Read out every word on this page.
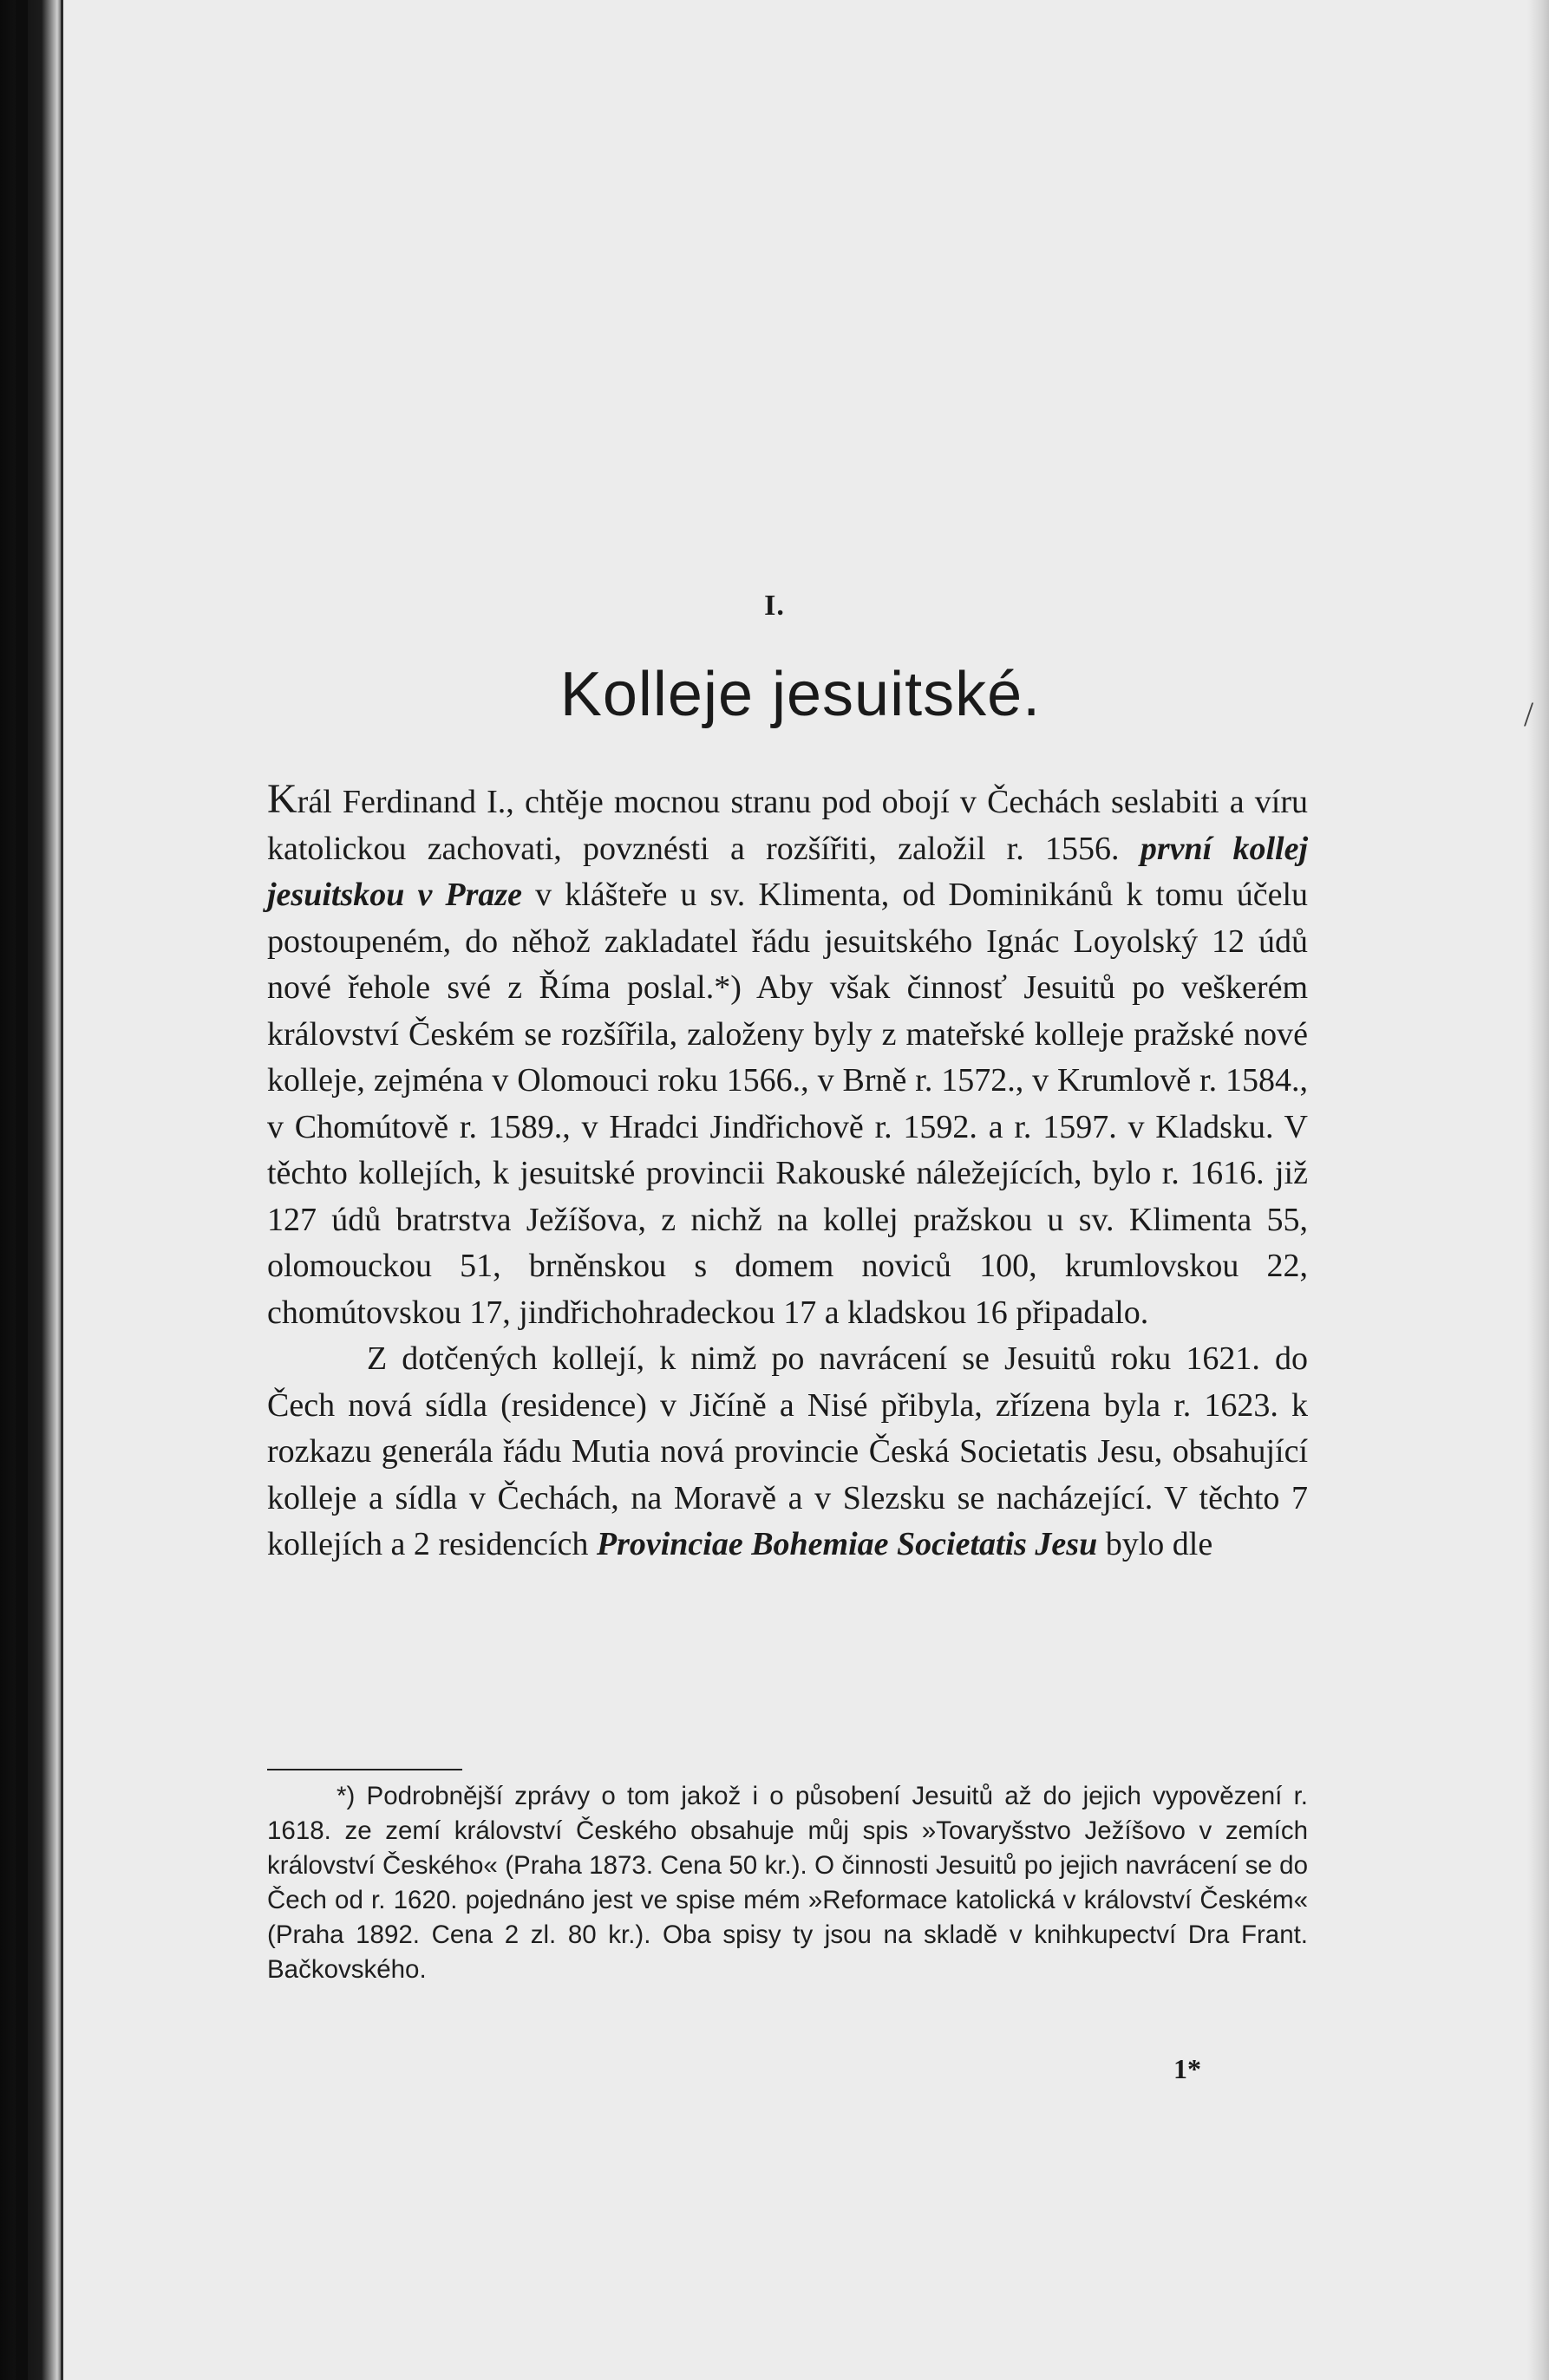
I.
Kolleje jesuitské.	/

Král Ferdinand I., chtěje mocnou stranu pod obojí v Čechách seslabiti a víru katolickou zachovati, povznésti a rozšířiti, založil r. 1556. první kollej jesuitskou v Praze v klášteře u sv. Klimenta, od Dominikánů k tomu účelu postoupeném, do něhož zakladatel řádu jesuitského Ignác Loyolský 12 údů nové řehole své z Říma poslal.*) Aby však činnosť Jesuitů po veškerém království Českém se rozšířila, založeny byly z mateřské kolleje pražské nové kolleje, zejména v Olomouci roku 1566., v Brně r. 1572., v Krumlově r. 1584., v Chomútově r. 1589., v Hradci Jindřichově r. 1592. a r. 1597. v Kladsku. V těchto kollejích, k jesuitské provincii Rakouské náležejících, bylo r. 1616. již 127 údů bratrstva Ježíšova, z nichž na kollej pražskou u sv. Klimenta 55, olomouckou 51, brněnskou s domem noviců 100, krumlovskou 22, chomútovskou 17, jindřichohradeckou 17 a kladskou 16 připadalo.

Z dotčených kollejí, k nimž po navrácení se Jesuitů roku 1621. do Čech nová sídla (residence) v Jičíně a Nisé přibyla, zřízena byla r. 1623. k rozkazu generála řádu Mutia nová provincie Česká Societatis Jesu, obsahující kolleje a sídla v Čechách, na Moravě a v Slezsku se nacházející. V těchto 7 kollejích a 2 residencích Provinciae Bohemiae Societatis Jesu bylo dle

*) Podrobnější zprávy o tom jakož i o působení Jesuitů až do jejich vypovězení r. 1618. ze zemí království Českého obsahuje můj spis »Tovaryšstvo Ježíšovo v zemích království Českého« (Praha 1873. Cena 50 kr.). O činnosti Jesuitů po jejich navrácení se do Čech od r. 1620. pojednáno jest ve spise mém »Reformace katolická v království Českém« (Praha 1892. Cena 2 zl. 80 kr.). Oba spisy ty jsou na skladě v knihkupectví Dra Frant. Bačkovského.

1*
